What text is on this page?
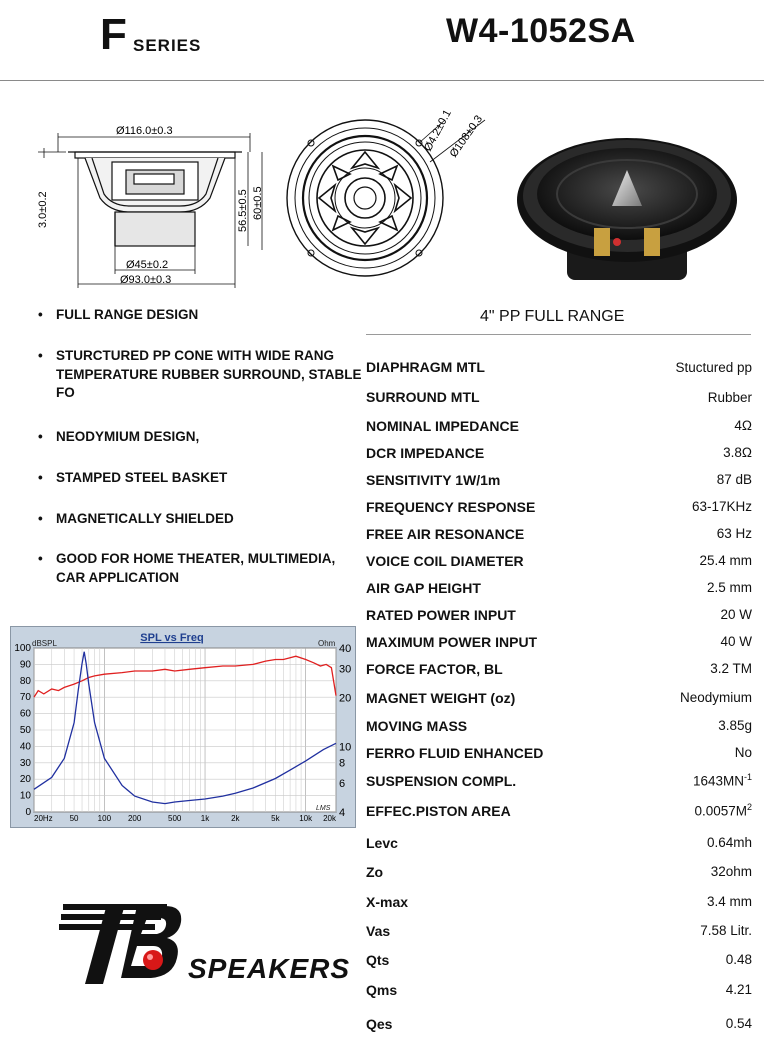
F SERIES	W4-1052SA
Ø116.0±0.3
Ø45±0.2
Ø93.0±0.3
3.0±0.2	56.5±0.5 60±0.5
Ø4.2±0.1
Ø108±0.3
• FULL RANGE DESIGN
• STURCTURED PP CONE WITH WIDE RANG TEMPERATURE RUBBER SURROUND, STABLE FO
• NEODYMIUM DESIGN,
• STAMPED STEEL BASKET
• MAGNETICALLY SHIELDED
• GOOD FOR HOME THEATER, MULTIMEDIA, CAR APPLICATION
4" PP FULL RANGE
DIAPHRAGM MTL	Stuctured pp
SURROUND MTL	Rubber
NOMINAL IMPEDANCE	4Ω
DCR IMPEDANCE	3.8Ω
SENSITIVITY 1W/1m	87 dB
FREQUENCY RESPONSE	63-17KHz
FREE AIR RESONANCE	63 Hz
VOICE COIL DIAMETER	25.4 mm
AIR GAP HEIGHT	2.5 mm
RATED POWER INPUT	20 W
MAXIMUM POWER INPUT	40 W
FORCE FACTOR, BL	3.2 TM
MAGNET WEIGHT (oz)	Neodymium
MOVING MASS	3.85g
FERRO FLUID ENHANCED	No
SUSPENSION COMPL.	$1643MN^{-1}$
EFFEC.PISTON AREA	$0.0057M^2$
Levc	0.64mh
Zo	32ohm
X-max	3.4 mm
Vas	7.58 Litr.
Qts	0.48
Qms	4.21
Qes	0.54
0
10
20
30
40
50
60
70
80
90
100	40
30
20
10
8
6
4
20Hz 50 100 200	500 1k	2k	5k 10k 20k
SPL vs Freq
dBSPL	Ohm
LMS
SPEAKERS
